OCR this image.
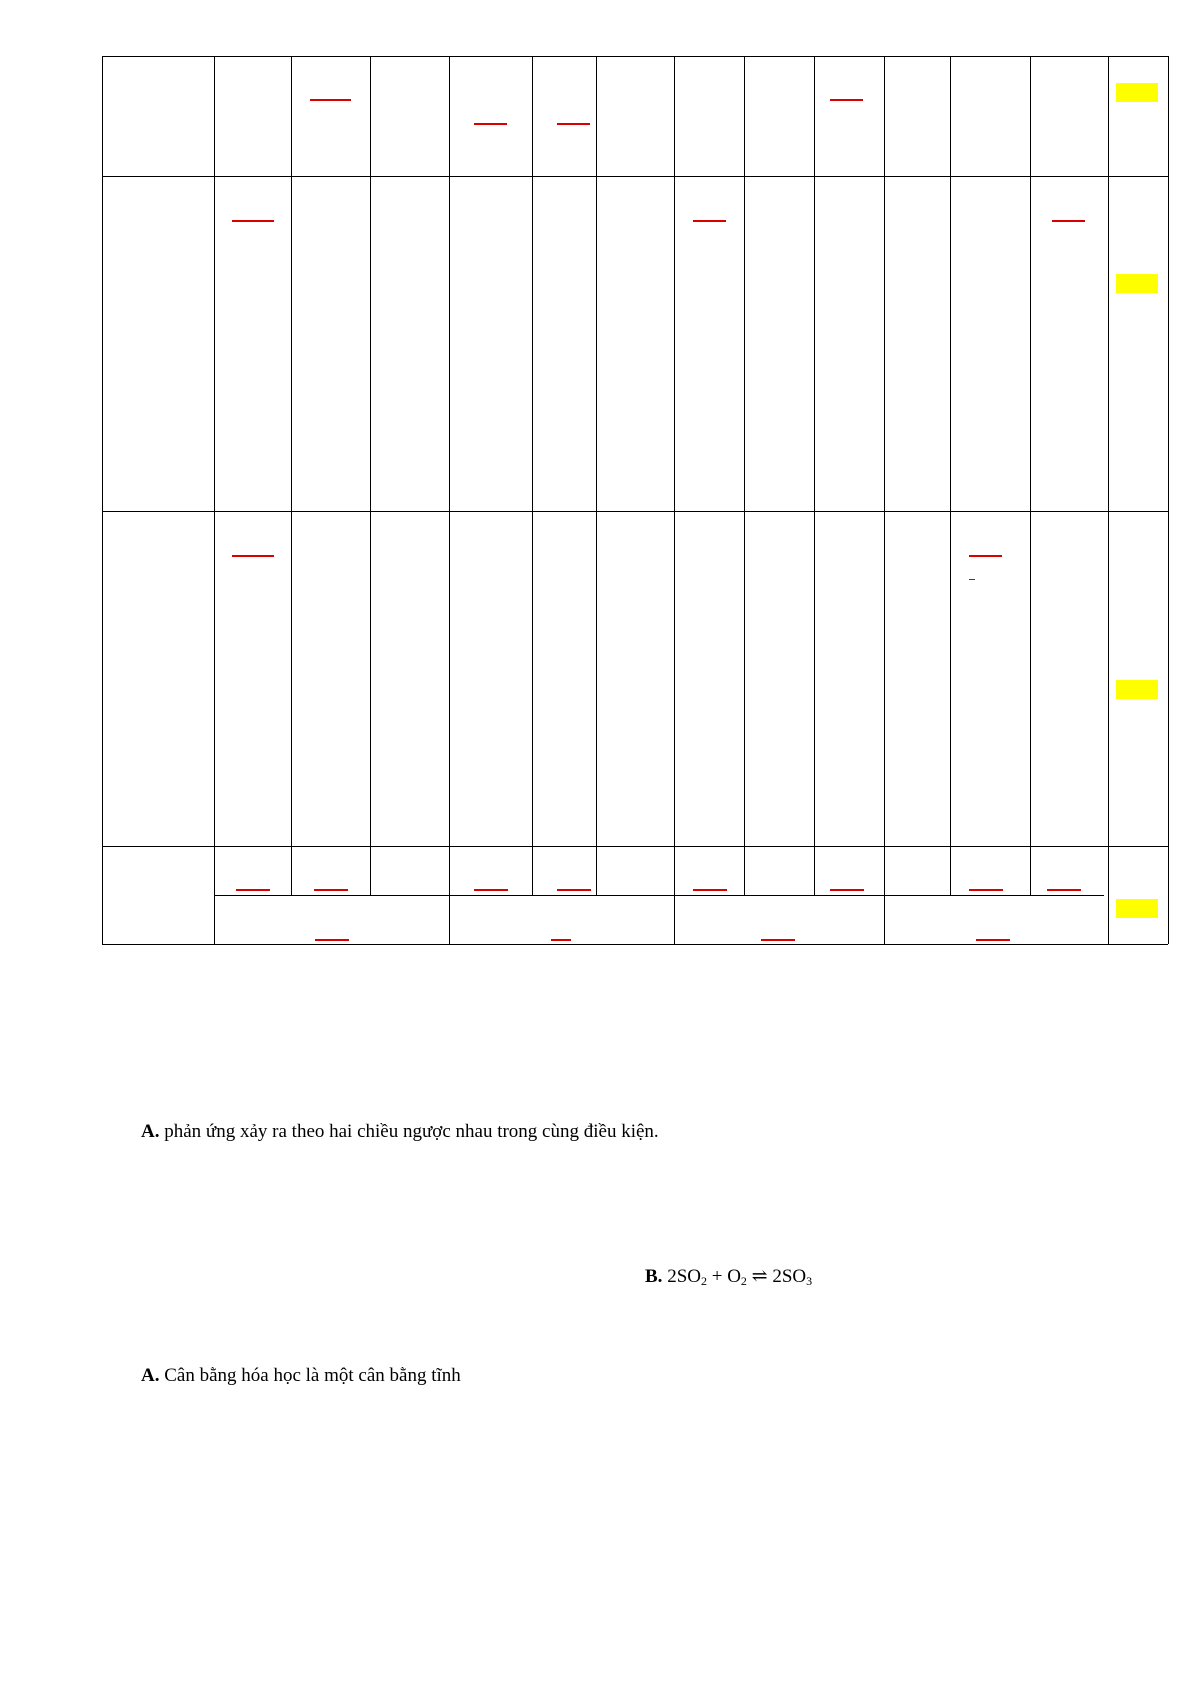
A. phản ứng xảy ra theo hai chiều ngược nhau trong cùng điều kiện.
B. $2SO_2 + O_2$ ⇌ $2SO_3$
A. Cân bằng hóa học là một cân bằng tĩnh
